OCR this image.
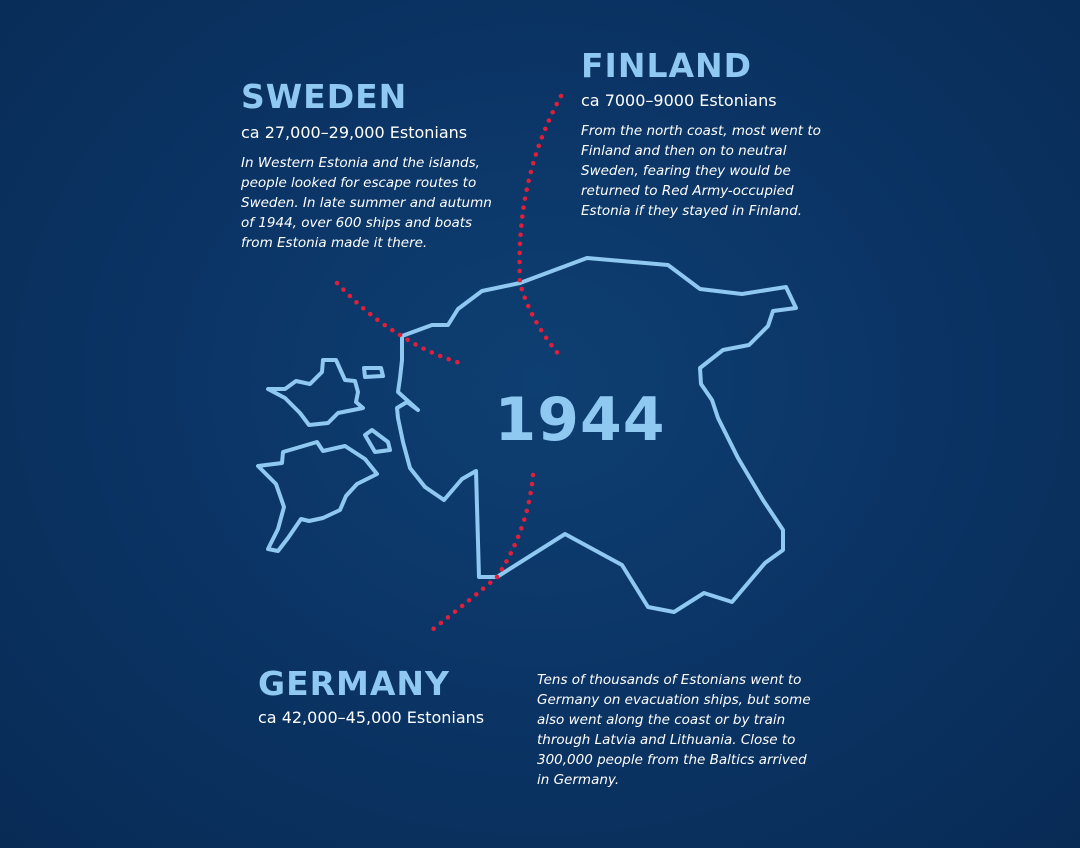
1944
SWEDEN

ca 27,000–29,000 Estonians

In Western Estonia and the islands, people looked for escape routes to Sweden. In late summer and autumn of 1944, over 600 ships and boats from Estonia made it there.

FINLAND

ca 7000–9000 Estonians

From the north coast, most went to Finland and then on to neutral Sweden, fearing they would be returned to Red Army-occupied Estonia if they stayed in Finland.

GERMANY

ca 42,000–45,000 Estonians

Tens of thousands of Estonians went to Germany on evacuation ships, but some also went along the coast or by train through Latvia and Lithuania. Close to 300,000 people from the Baltics arrived in Germany.
